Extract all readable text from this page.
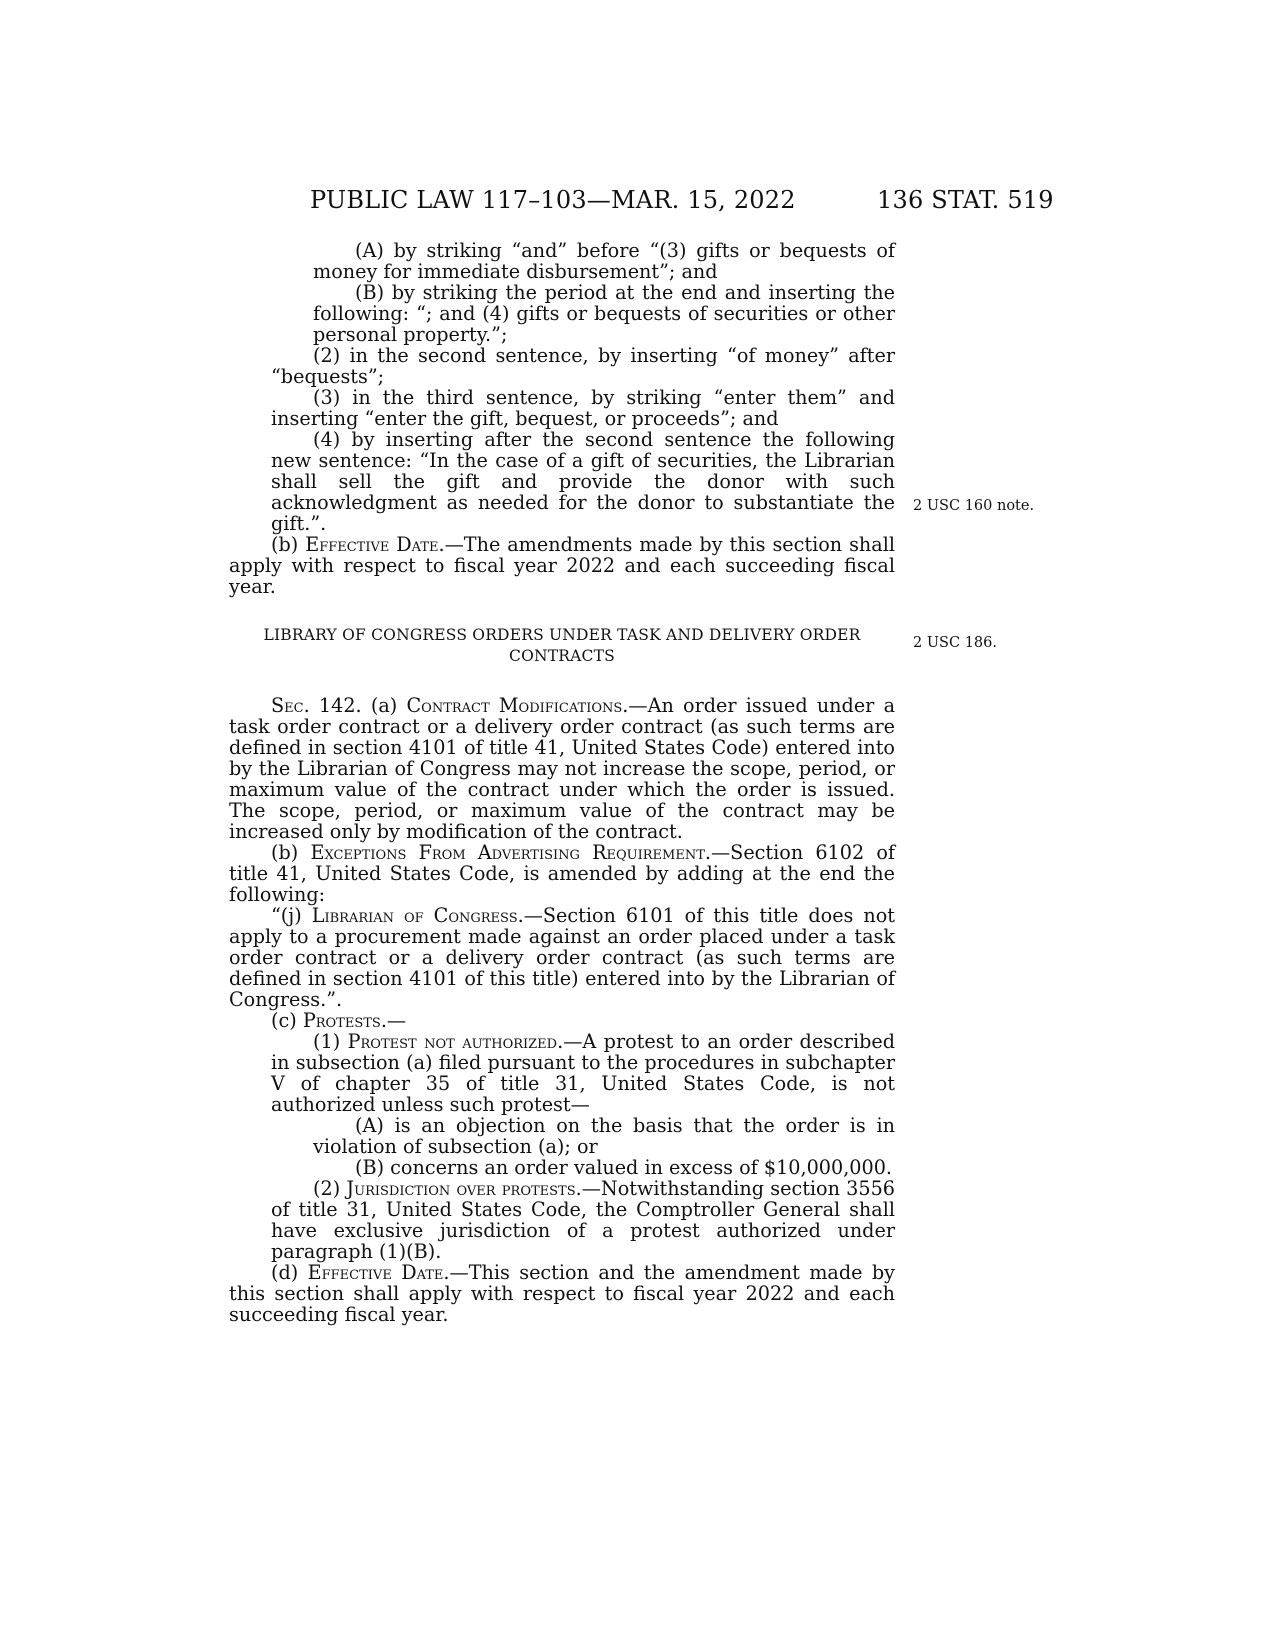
PUBLIC LAW 117–103—MAR. 15, 2022	136 STAT. 519
2 USC 160 note.
2 USC 186.

(A) by striking “and” before “(3) gifts or bequests of money for immediate disbursement”; and

(B) by striking the period at the end and inserting the following: “; and (4) gifts or bequests of securities or other personal property.”;

(2) in the second sentence, by inserting “of money” after “bequests”;

(3) in the third sentence, by striking “enter them” and inserting “enter the gift, bequest, or proceeds”; and

(4) by inserting after the second sentence the following new sentence: “In the case of a gift of securities, the Librarian shall sell the gift and provide the donor with such acknowledgment as needed for the donor to substantiate the gift.”.

(b) Effective Date.—The amendments made by this section shall apply with respect to fiscal year 2022 and each succeeding fiscal year.

LIBRARY OF CONGRESS ORDERS UNDER TASK AND DELIVERY ORDER CONTRACTS

Sec. 142. (a) Contract Modifications.—An order issued under a task order contract or a delivery order contract (as such terms are defined in section 4101 of title 41, United States Code) entered into by the Librarian of Congress may not increase the scope, period, or maximum value of the contract under which the order is issued. The scope, period, or maximum value of the contract may be increased only by modification of the contract.

(b) Exceptions From Advertising Requirement.—Section 6102 of title 41, United States Code, is amended by adding at the end the following:

“(j) Librarian of Congress.—Section 6101 of this title does not apply to a procurement made against an order placed under a task order contract or a delivery order contract (as such terms are defined in section 4101 of this title) entered into by the Librarian of Congress.”.

(c) Protests.—

(1) Protest not authorized.—A protest to an order described in subsection (a) filed pursuant to the procedures in subchapter V of chapter 35 of title 31, United States Code, is not authorized unless such protest—

(A) is an objection on the basis that the order is in violation of subsection (a); or

(B) concerns an order valued in excess of $10,000,000.

(2) Jurisdiction over protests.—Notwithstanding section 3556 of title 31, United States Code, the Comptroller General shall have exclusive jurisdiction of a protest authorized under paragraph (1)(B).

(d) Effective Date.—This section and the amendment made by this section shall apply with respect to fiscal year 2022 and each succeeding fiscal year.
